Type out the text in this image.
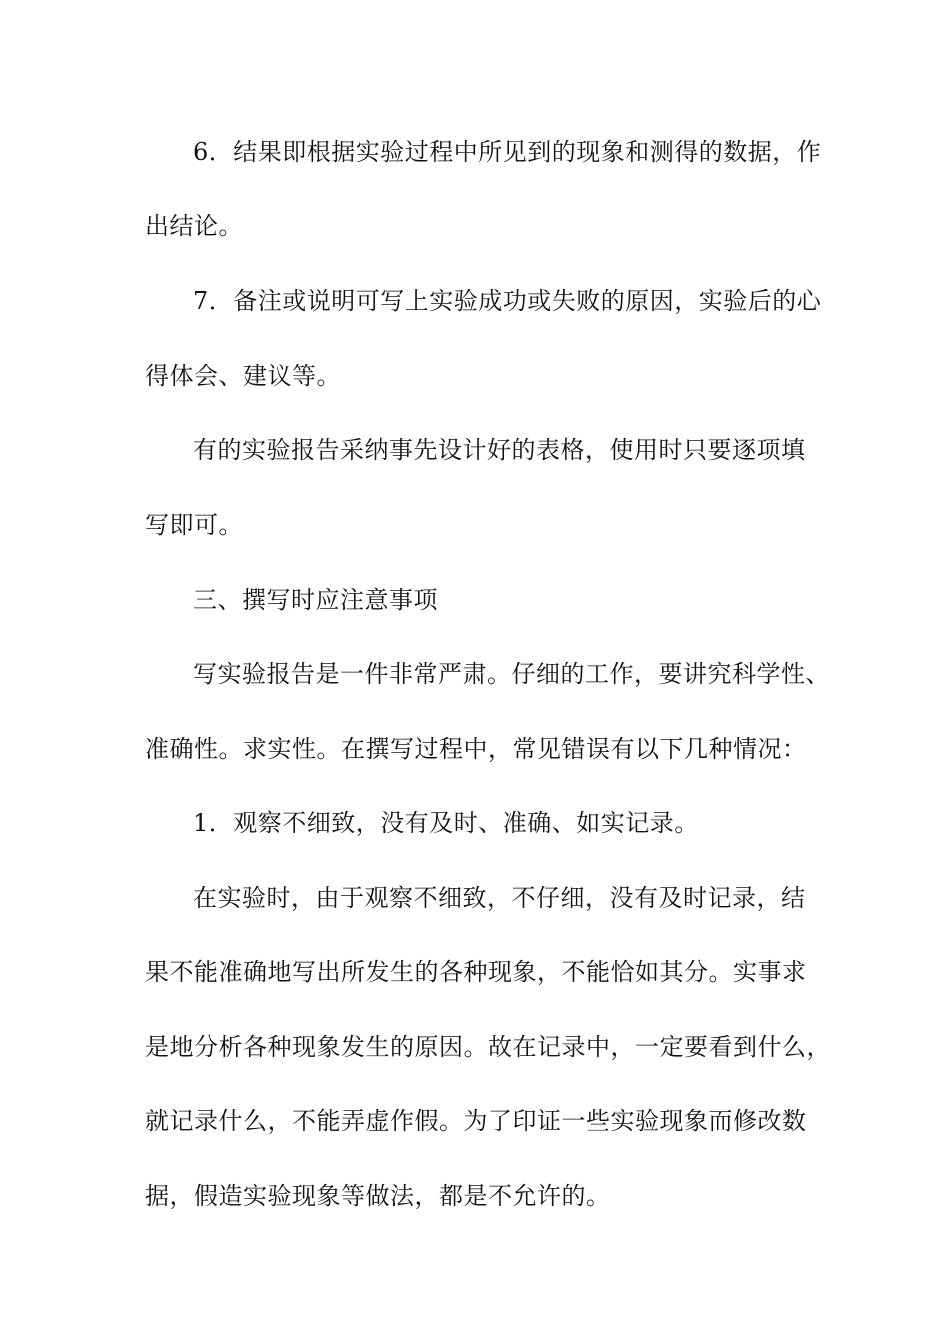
6．结果即根据实验过程中所见到的现象和测得的数据，作
出结论。
7．备注或说明可写上实验成功或失败的原因，实验后的心
得体会、建议等。
有的实验报告采纳事先设计好的表格，使用时只要逐项填
写即可。
三、撰写时应注意事项
写实验报告是一件非常严肃。仔细的工作，要讲究科学性、
准确性。求实性。在撰写过程中，常见错误有以下几种情况：
1．观察不细致，没有及时、准确、如实记录。
在实验时，由于观察不细致，不仔细，没有及时记录，结
果不能准确地写出所发生的各种现象，不能恰如其分。实事求
是地分析各种现象发生的原因。故在记录中，一定要看到什么，
就记录什么，不能弄虚作假。为了印证一些实验现象而修改数
据，假造实验现象等做法，都是不允许的。
